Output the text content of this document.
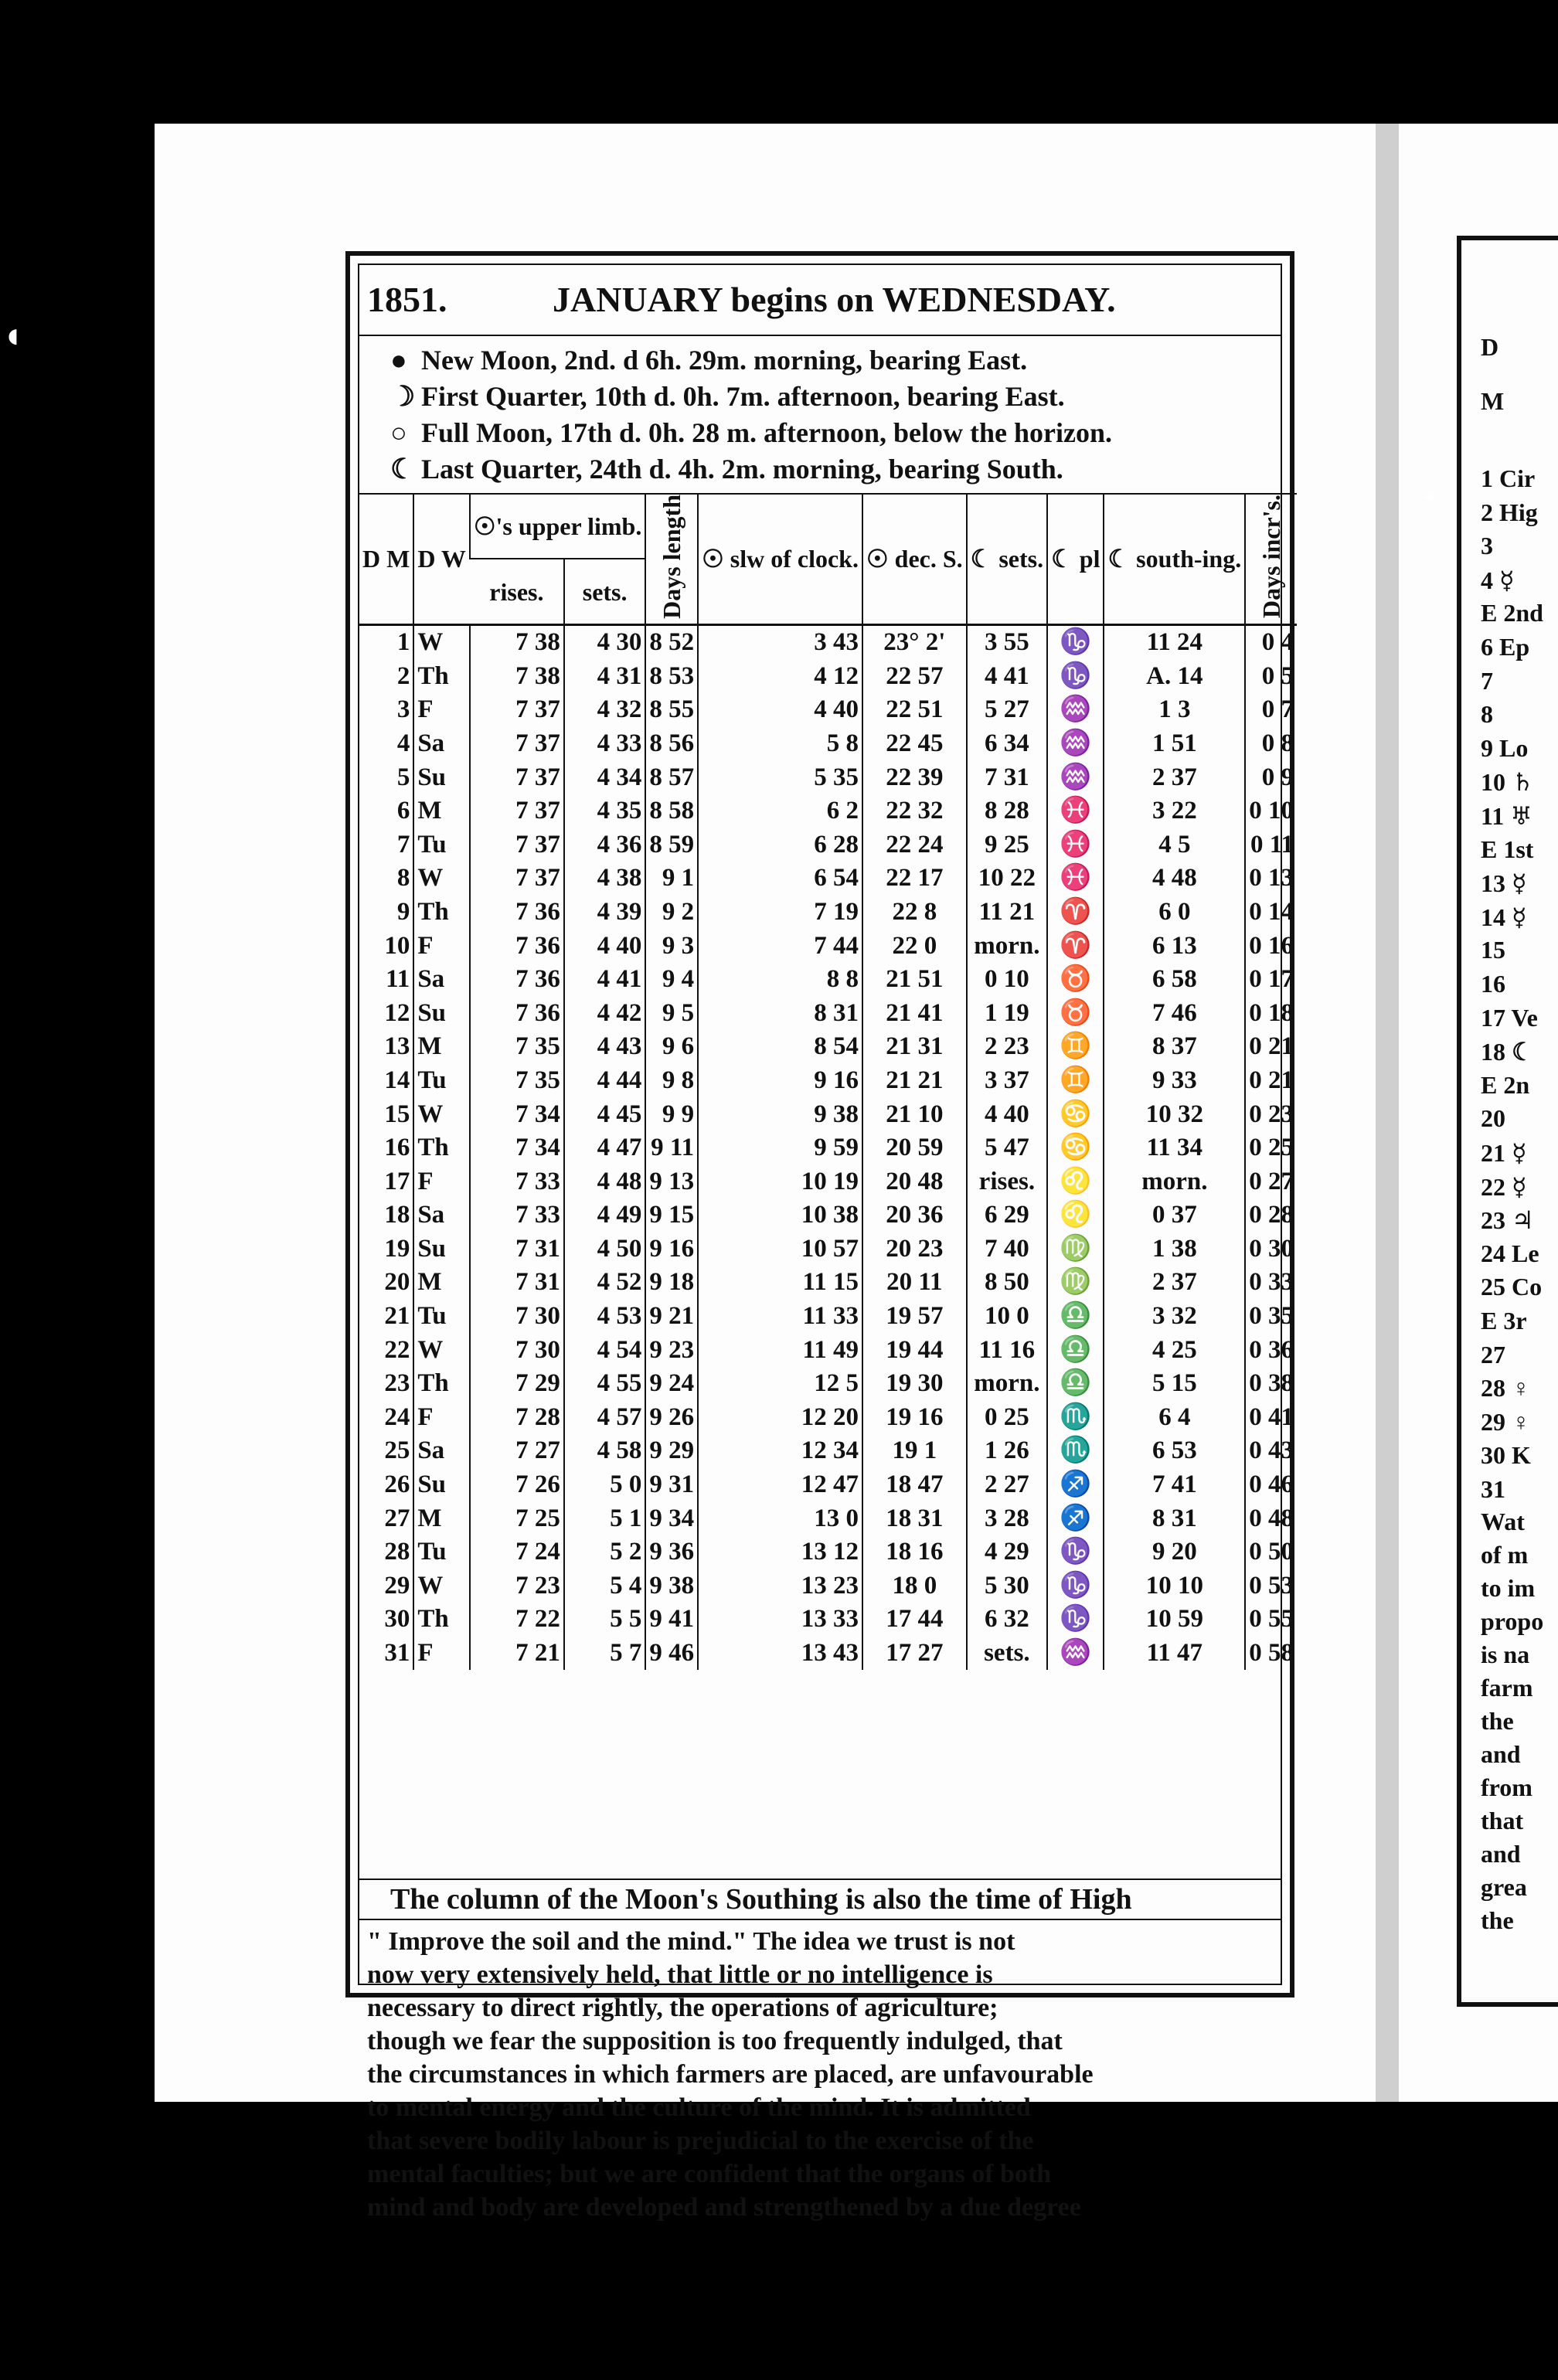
◖
1851.	JANUARY begins on WEDNESDAY.
● New Moon, 2nd. d 6h. 29m. morning, bearing East.
☽ First Quarter, 10th d. 0h. 7m. afternoon, bearing East.
○ Full Moon, 17th d. 0h. 28 m. afternoon, below the horizon.
☾ Last Quarter, 24th d. 4h. 2m. morning, bearing South.
D M	D W	☉'s upper limb.		Days length	☉ slw of clock.	☉ dec. S.	☾ sets.	☾ pl	☾ south-ing.	Days incr's.
		rises.	sets.							
1	W	7 38	4 30	8 52	3 43	23° 2'	3 55	♑	11 24	0 4
2	Th	7 38	4 31	8 53	4 12	22 57	4 41	♑	A. 14	0 5
3	F	7 37	4 32	8 55	4 40	22 51	5 27	♒	1 3	0 7
4	Sa	7 37	4 33	8 56	5 8	22 45	6 34	♒	1 51	0 8
5	Su	7 37	4 34	8 57	5 35	22 39	7 31	♒	2 37	0 9
6	M	7 37	4 35	8 58	6 2	22 32	8 28	♓	3 22	0 10
7	Tu	7 37	4 36	8 59	6 28	22 24	9 25	♓	4 5	0 11
8	W	7 37	4 38	9 1	6 54	22 17	10 22	♓	4 48	0 13
9	Th	7 36	4 39	9 2	7 19	22 8	11 21	♈	6 0	0 14
10	F	7 36	4 40	9 3	7 44	22 0	morn.	♈	6 13	0 16
11	Sa	7 36	4 41	9 4	8 8	21 51	0 10	♉	6 58	0 17
12	Su	7 36	4 42	9 5	8 31	21 41	1 19	♉	7 46	0 18
13	M	7 35	4 43	9 6	8 54	21 31	2 23	♊	8 37	0 21
14	Tu	7 35	4 44	9 8	9 16	21 21	3 37	♊	9 33	0 21
15	W	7 34	4 45	9 9	9 38	21 10	4 40	♋	10 32	0 23
16	Th	7 34	4 47	9 11	9 59	20 59	5 47	♋	11 34	0 25
17	F	7 33	4 48	9 13	10 19	20 48	rises.	♌	morn.	0 27
18	Sa	7 33	4 49	9 15	10 38	20 36	6 29	♌	0 37	0 28
19	Su	7 31	4 50	9 16	10 57	20 23	7 40	♍	1 38	0 30
20	M	7 31	4 52	9 18	11 15	20 11	8 50	♍	2 37	0 33
21	Tu	7 30	4 53	9 21	11 33	19 57	10 0	♎	3 32	0 35
22	W	7 30	4 54	9 23	11 49	19 44	11 16	♎	4 25	0 36
23	Th	7 29	4 55	9 24	12 5	19 30	morn.	♎	5 15	0 38
24	F	7 28	4 57	9 26	12 20	19 16	0 25	♏	6 4	0 41
25	Sa	7 27	4 58	9 29	12 34	19 1	1 26	♏	6 53	0 43
26	Su	7 26	5 0	9 31	12 47	18 47	2 27	♐	7 41	0 46
27	M	7 25	5 1	9 34	13 0	18 31	3 28	♐	8 31	0 48
28	Tu	7 24	5 2	9 36	13 12	18 16	4 29	♑	9 20	0 50
29	W	7 23	5 4	9 38	13 23	18 0	5 30	♑	10 10	0 53
30	Th	7 22	5 5	9 41	13 33	17 44	6 32	♑	10 59	0 55
31	F	7 21	5 7	9 46	13 43	17 27	sets.	♒	11 47	0 58
The column of the Moon's Southing is also the time of High
" Improve the soil and the mind." The idea we trust is not
now very extensively held, that little or no intelligence is
necessary to direct rightly, the operations of agriculture;
though we fear the supposition is too frequently indulged, that
the circumstances in which farmers are placed, are unfavourable
to mental energy and the culture of the mind. It is admitted
that severe bodily labour is prejudicial to the exercise of the
mental faculties; but we are confident that the organs of both
mind and body are developed and strengthened by a due degree
D
M
1 Cir
2 Hig
3
4 ☿
E 2nd
6 Ep
7
8
9 Lo
10 ♄
11 ♅
E 1st
13 ☿
14 ☿
15
16
17 Ve
18 ☾
E 2n
20
21 ☿
22 ☿
23 ♃
24 Le
25 Co
E 3r
27
28 ♀
29 ♀
30 K
31
Wat
of m
to im
propo
is na
farm
the
and
from
that
and
grea
the
✦
